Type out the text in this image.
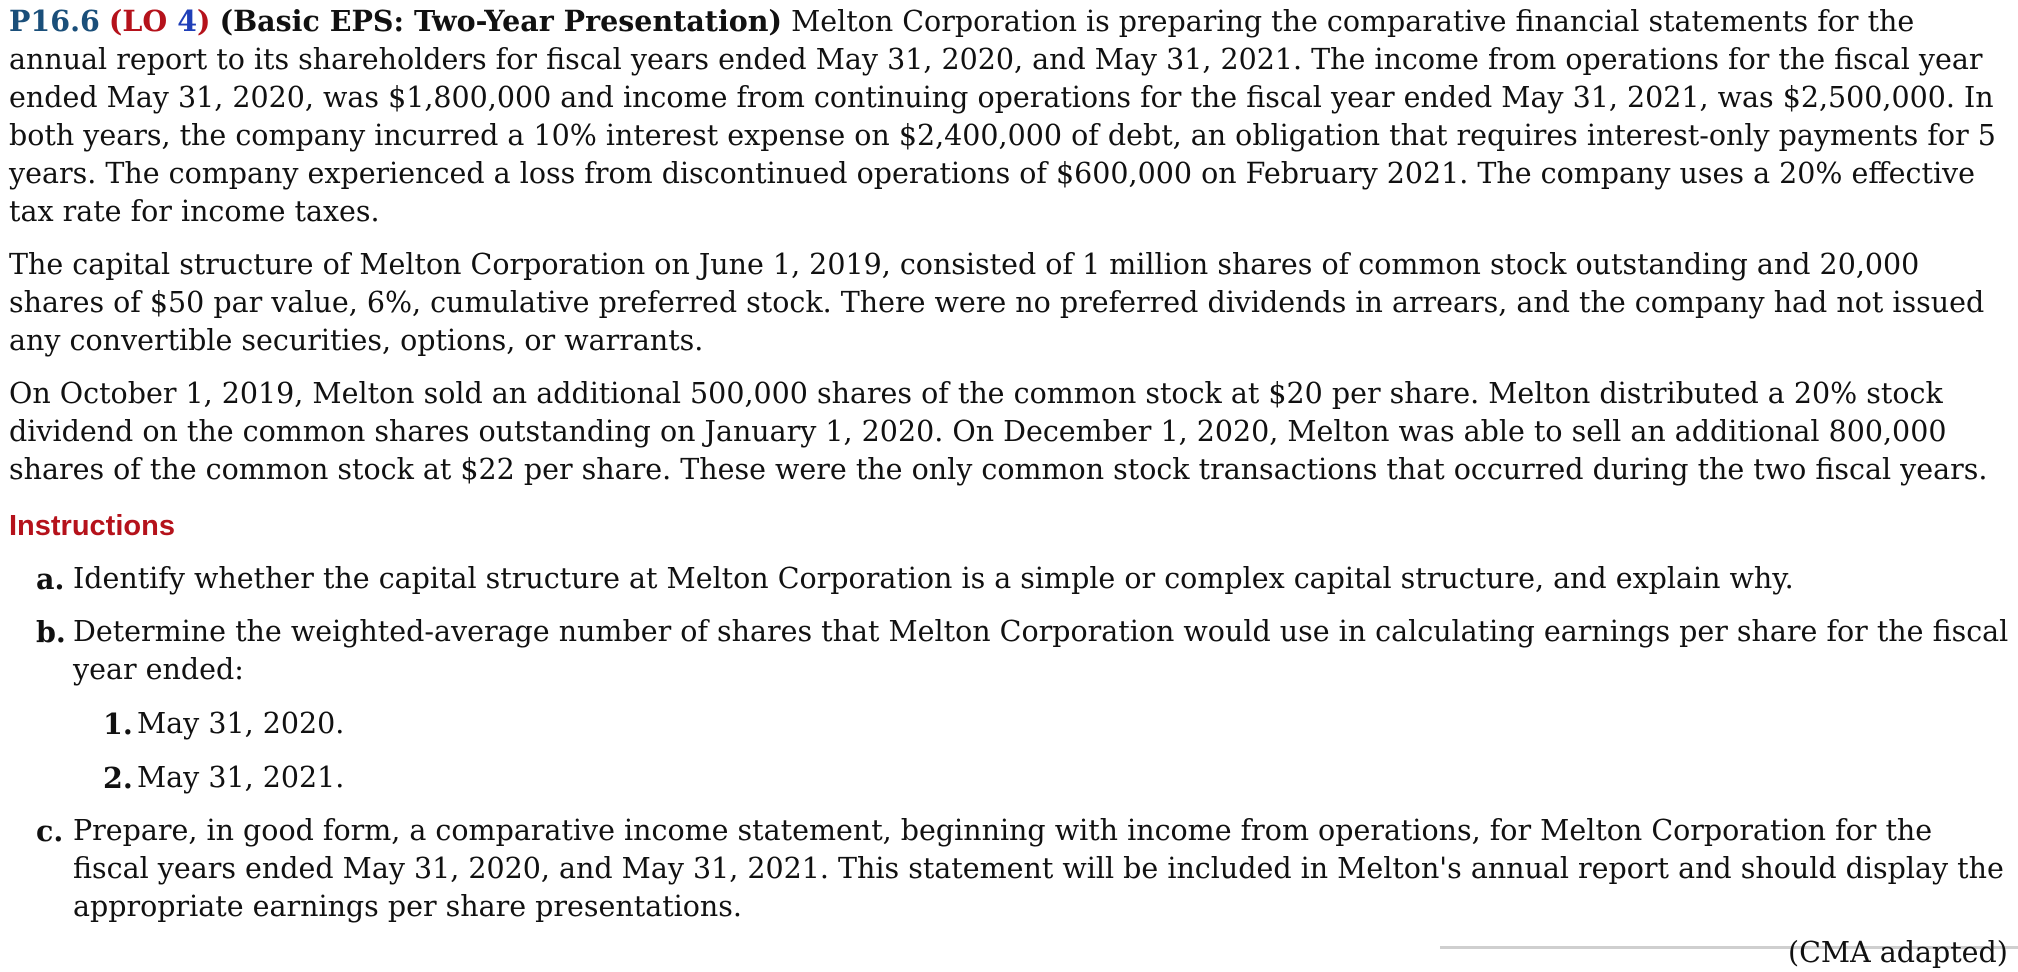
P16.6 (LO 4) (Basic EPS: Two-Year Presentation) Melton Corporation is preparing the comparative financial statements for the annual report to its shareholders for fiscal years ended May 31, 2020, and May 31, 2021. The income from operations for the fiscal year ended May 31, 2020, was $1,800,000 and income from continuing operations for the fiscal year ended May 31, 2021, was $2,500,000. In both years, the company incurred a 10% interest expense on $2,400,000 of debt, an obligation that requires interest-only payments for 5 years. The company experienced a loss from discontinued operations of $600,000 on February 2021. The company uses a 20% effective tax rate for income taxes.

The capital structure of Melton Corporation on June 1, 2019, consisted of 1 million shares of common stock outstanding and 20,000 shares of $50 par value, 6%, cumulative preferred stock. There were no preferred dividends in arrears, and the company had not issued any convertible securities, options, or warrants.

On October 1, 2019, Melton sold an additional 500,000 shares of the common stock at $20 per share. Melton distributed a 20% stock dividend on the common shares outstanding on January 1, 2020. On December 1, 2020, Melton was able to sell an additional 800,000 shares of the common stock at $22 per share. These were the only common stock transactions that occurred during the two fiscal years.

Instructions
a. Identify whether the capital structure at Melton Corporation is a simple or complex capital structure, and explain why.
b. Determine the weighted-average number of shares that Melton Corporation would use in calculating earnings per share for the fiscal year ended:
1. May 31, 2020.
2. May 31, 2021.
c. Prepare, in good form, a comparative income statement, beginning with income from operations, for Melton Corporation for the fiscal years ended May 31, 2020, and May 31, 2021. This statement will be included in Melton's annual report and should display the appropriate earnings per share presentations.
(CMA adapted)
